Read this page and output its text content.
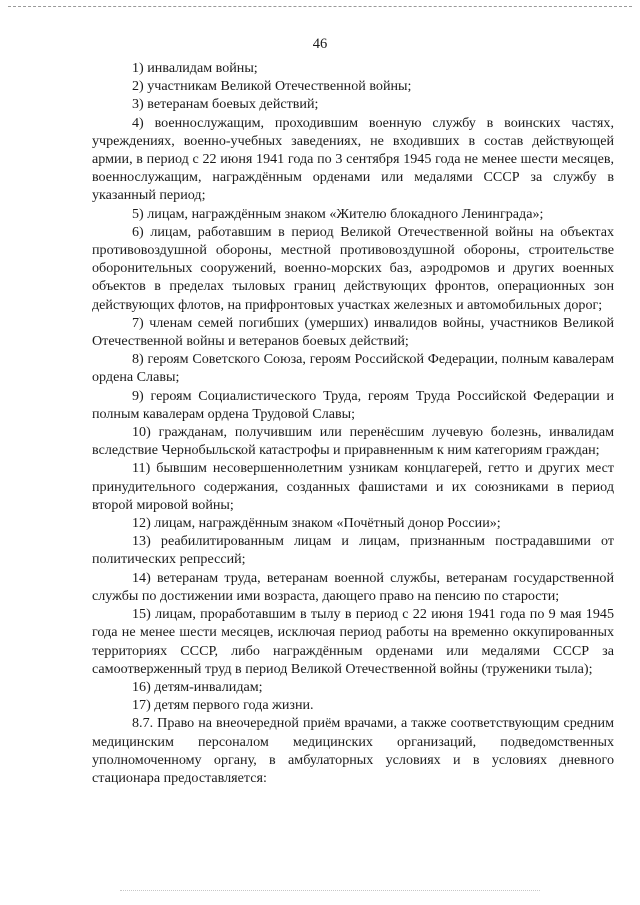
46

1) инвалидам войны;

2) участникам Великой Отечественной войны;

3) ветеранам боевых действий;

4) военнослужащим, проходившим военную службу в воинских частях, учреждениях, военно-учебных заведениях, не входивших в состав действующей армии, в период с 22 июня 1941 года по 3 сентября 1945 года не менее шести месяцев, военнослужащим, награждённым орденами или медалями СССР за службу в указанный период;

5) лицам, награждённым знаком «Жителю блокадного Ленинграда»;

6) лицам, работавшим в период Великой Отечественной войны на объектах противовоздушной обороны, местной противовоздушной обороны, строительстве оборонительных сооружений, военно-морских баз, аэродромов и других военных объектов в пределах тыловых границ действующих фронтов, операционных зон действующих флотов, на прифронтовых участках железных и автомобильных дорог;

7) членам семей погибших (умерших) инвалидов войны, участников Великой Отечественной войны и ветеранов боевых действий;

8) героям Советского Союза, героям Российской Федерации, полным кавалерам ордена Славы;

9) героям Социалистического Труда, героям Труда Российской Федерации и полным кавалерам ордена Трудовой Славы;

10) гражданам, получившим или перенёсшим лучевую болезнь, инвалидам вследствие Чернобыльской катастрофы и приравненным к ним категориям граждан;

11) бывшим несовершеннолетним узникам концлагерей, гетто и других мест принудительного содержания, созданных фашистами и их союзниками в период второй мировой войны;

12) лицам, награждённым знаком «Почётный донор России»;

13) реабилитированным лицам и лицам, признанным пострадавшими от политических репрессий;

14) ветеранам труда, ветеранам военной службы, ветеранам государственной службы по достижении ими возраста, дающего право на пенсию по старости;

15) лицам, проработавшим в тылу в период с 22 июня 1941 года по 9 мая 1945 года не менее шести месяцев, исключая период работы на временно оккупированных территориях СССР, либо награждённым орденами или медалями СССР за самоотверженный труд в период Великой Отечественной войны (труженики тыла);

16) детям-инвалидам;

17) детям первого года жизни.

8.7. Право на внеочередной приём врачами, а также соответствующим средним медицинским персоналом медицинских организаций, подведомственных уполномоченному органу, в амбулаторных условиях и в условиях дневного стационара предоставляется:
